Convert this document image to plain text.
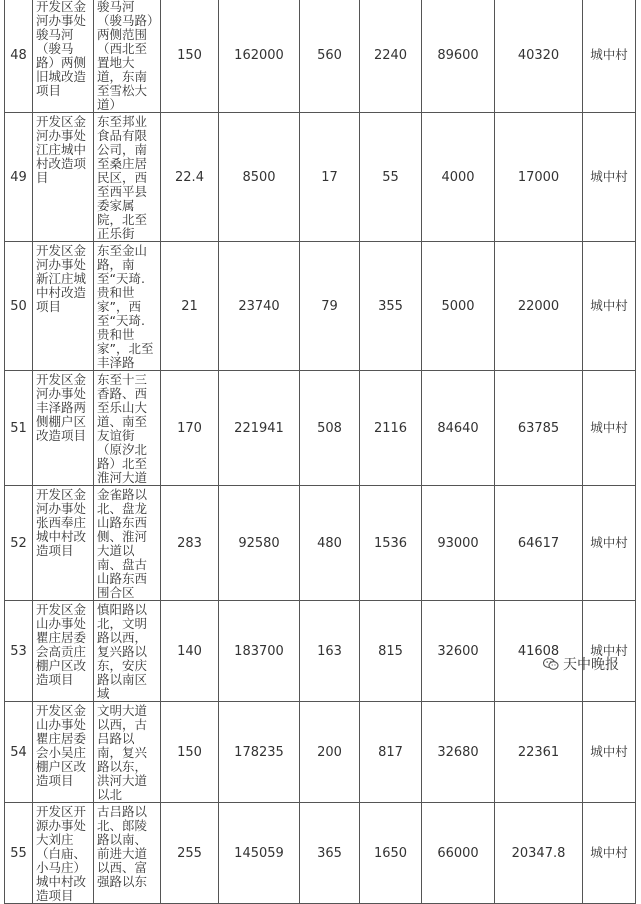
48	开发区金河办事处骏马河（骏马路）两侧旧城改造项目	骏马河（骏马路）两侧范围（西北至置地大道，东南至雪松大道）	150	162000	560	2240	89600	40320	城中村
49	开发区金河办事处江庄城中村改造项目	东至邦业食品有限公司，南至桑庄居民区，西至西平县委家属院，北至正乐街	22.4	8500	17	55	4000	17000	城中村
50	开发区金河办事处新江庄城中村改造项目	东至金山路，南至“天琦.贵和世家”，西至“天琦.贵和世家”，北至丰泽路	21	23740	79	355	5000	22000	城中村
51	开发区金河办事处丰泽路两侧棚户区改造项目	东至十三香路、西至乐山大道、南至友谊街（原汐北路）北至淮河大道	170	221941	508	2116	84640	63785	城中村
52	开发区金河办事处张西奉庄城中村改造项目	金雀路以北、盘龙山路东西侧、淮河大道以南、盘古山路东西围合区	283	92580	480	1536	93000	64617	城中村
53	开发区金山办事处瞿庄居委会高贡庄棚户区改造项目	慎阳路以北，文明路以西，复兴路以东，安庆路以南区域	140	183700	163	815	32600	41608	城中村
54	开发区金山办事处瞿庄居委会小吴庄棚户区改造项目	文明大道以西，古吕路以南，复兴路以东，洪河大道以北	150	178235	200	817	32680	22361	城中村
55	开发区开源办事处大刘庄（白庙、小马庄）城中村改造项目	古吕路以北、郎陵路以南、前进大道以西、富强路以东	255	145059	365	1650	66000	20347.8	城中村
天中晚报
